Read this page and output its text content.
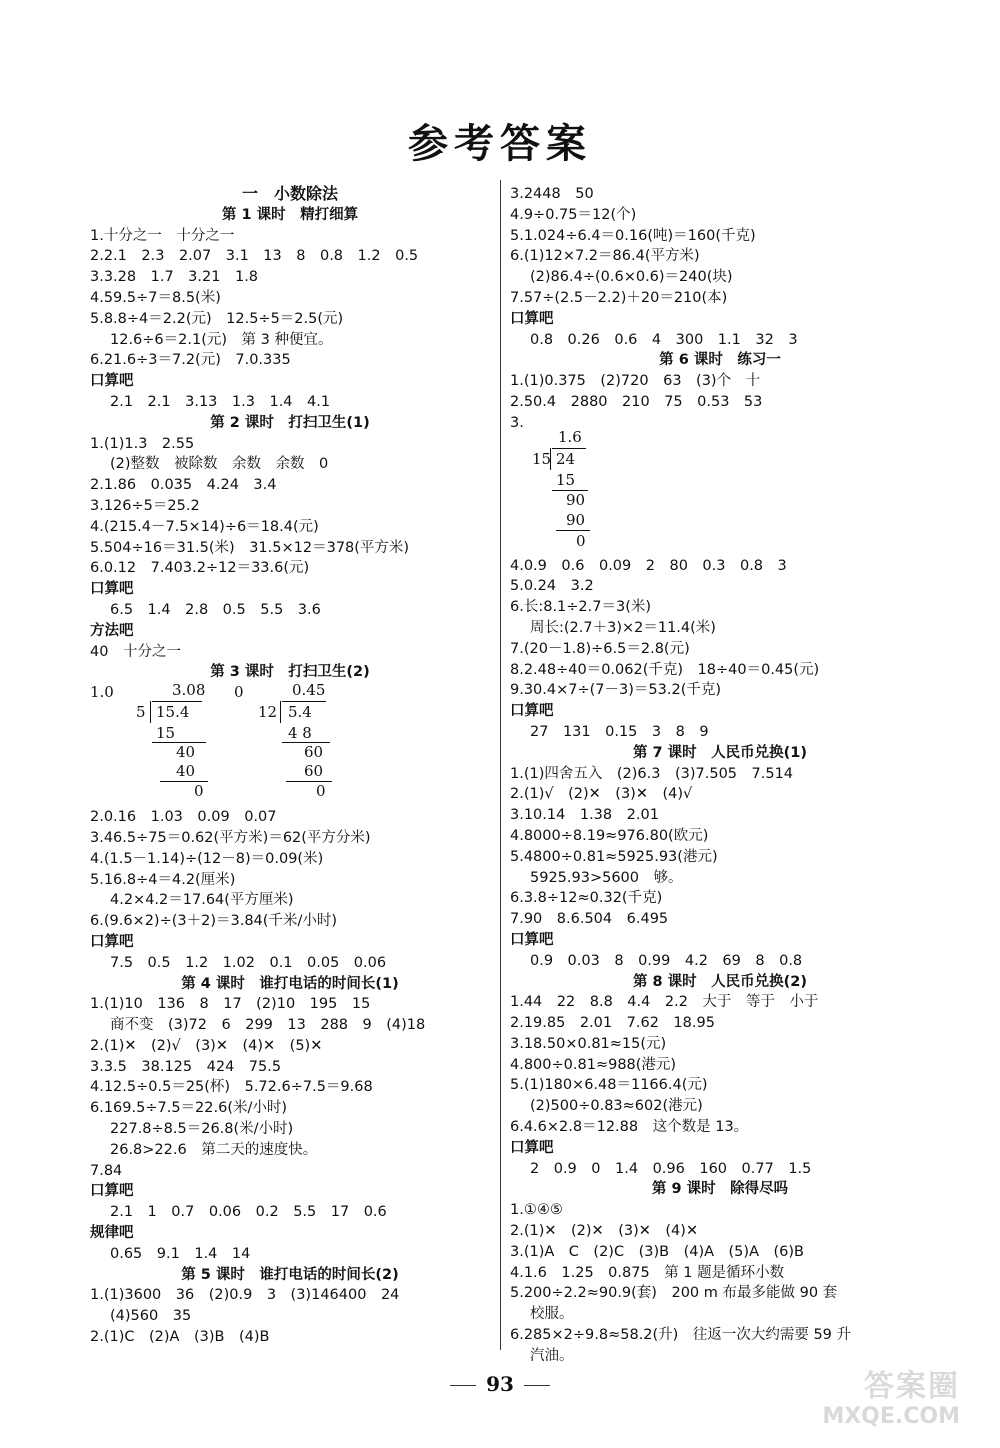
参考答案
一　小数除法
第 1 课时　精打细算
1.十分之一　十分之一
2.2.1　2.3　2.07　3.1　13　8　0.8　1.2　0.5
3.3.28　1.7　3.21　1.8
4.59.5÷7＝8.5(米)
5.8.8÷4＝2.2(元)　12.5÷5＝2.5(元)
12.6÷6＝2.1(元)　第 3 种便宜。
6.21.6÷3＝7.2(元)　7.0.335
口算吧
2.1　2.1　3.13　1.3　1.4　4.1
第 2 课时　打扫卫生(1)
1.(1)1.3　2.55
(2)整数　被除数　余数　余数　0
2.1.86　0.035　4.24　3.4
3.126÷5＝25.2
4.(215.4－7.5×14)÷6＝18.4(元)
5.504÷16＝31.5(米)　31.5×12＝378(平方米)
6.0.12　7.403.2÷12＝33.6(元)
口算吧
6.5　1.4　2.8　0.5　5.5　3.6
方法吧
40　十分之一
第 3 课时　打扫卫生(2)
1.0	3.08
5 15.4
15
40
40
0
0	0.45
12 5.4
4 8
60
60
0
2.0.16　1.03　0.09　0.07
3.46.5÷75＝0.62(平方米)＝62(平方分米)
4.(1.5－1.14)÷(12－8)＝0.09(米)
5.16.8÷4＝4.2(厘米)
4.2×4.2＝17.64(平方厘米)
6.(9.6×2)÷(3＋2)＝3.84(千米/小时)
口算吧
7.5　0.5　1.2　1.02　0.1　0.05　0.06
第 4 课时　谁打电话的时间长(1)
1.(1)10　136　8　17　(2)10　195　15
商不变　(3)72　6　299　13　288　9　(4)18
2.(1)✕　(2)√　(3)✕　(4)✕　(5)✕
3.3.5　38.125　424　75.5
4.12.5÷0.5＝25(杯)　5.72.6÷7.5＝9.68
6.169.5÷7.5＝22.6(米/小时)
227.8÷8.5＝26.8(米/小时)
26.8>22.6　第二天的速度快。
7.84
口算吧
2.1　1　0.7　0.06　0.2　5.5　17　0.6
规律吧
0.65　9.1　1.4　14
第 5 课时　谁打电话的时间长(2)
1.(1)3600　36　(2)0.9　3　(3)146400　24
(4)560　35
2.(1)C　(2)A　(3)B　(4)B
3.2448　50
4.9÷0.75＝12(个)
5.1.024÷6.4＝0.16(吨)＝160(千克)
6.(1)12×7.2＝86.4(平方米)
(2)86.4÷(0.6×0.6)＝240(块)
7.57÷(2.5－2.2)＋20＝210(本)
口算吧
0.8　0.26　0.6　4　300　1.1　32　3
第 6 课时　练习一
1.(1)0.375　(2)720　63　(3)个　十
2.50.4　2880　210　75　0.53　53
3.
1.6
15 24
15
90
90
0
4.0.9　0.6　0.09　2　80　0.3　0.8　3
5.0.24　3.2
6.长:8.1÷2.7＝3(米)
周长:(2.7＋3)×2＝11.4(米)
7.(20－1.8)÷6.5＝2.8(元)
8.2.48÷40＝0.062(千克)　18÷40＝0.45(元)
9.30.4×7÷(7－3)＝53.2(千克)
口算吧
27　131　0.15　3　8　9
第 7 课时　人民币兑换(1)
1.(1)四舍五入　(2)6.3　(3)7.505　7.514
2.(1)√　(2)✕　(3)✕　(4)√
3.10.14　1.38　2.01
4.8000÷8.19≈976.80(欧元)
5.4800÷0.81≈5925.93(港元)
5925.93>5600　够。
6.3.8÷12≈0.32(千克)
7.90　8.6.504　6.495
口算吧
0.9　0.03　8　0.99　4.2　69　8　0.8
第 8 课时　人民币兑换(2)
1.44　22　8.8　4.4　2.2　大于　等于　小于
2.19.85　2.01　7.62　18.95
3.18.50×0.81≈15(元)
4.800÷0.81≈988(港元)
5.(1)180×6.48＝1166.4(元)
(2)500÷0.83≈602(港元)
6.4.6×2.8＝12.88　这个数是 13。
口算吧
2　0.9　0　1.4　0.96　160　0.77　1.5
第 9 课时　除得尽吗
1.①④⑤
2.(1)✕　(2)✕　(3)✕　(4)✕
3.(1)A　C　(2)C　(3)B　(4)A　(5)A　(6)B
4.1.6　1.25　0.875　第 1 题是循环小数
5.200÷2.2≈90.9(套)　200 m 布最多能做 90 套
校服。
6.285×2÷9.8≈58.2(升)　往返一次大约需要 59 升
汽油。
93	答案圈
MXQE.COM
